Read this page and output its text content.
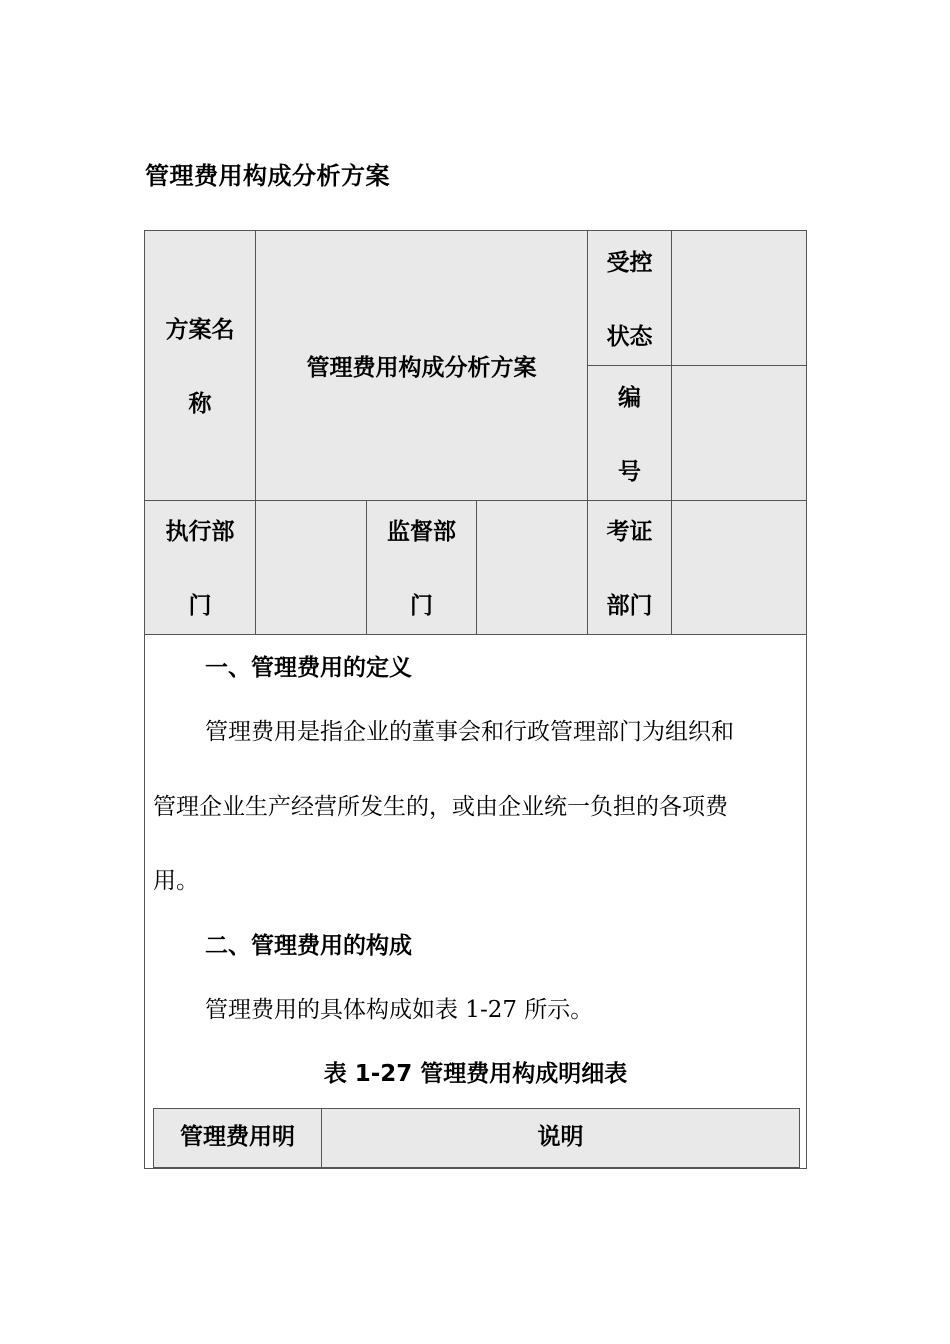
管理费用构成分析方案
方案名
称
管理费用构成分析方案
受控
状态
编
号
执行部
门
监督部
门
考证
部门
一、管理费用的定义
管理费用是指企业的董事会和行政管理部门为组织和
管理企业生产经营所发生的，或由企业统一负担的各项费
用。
二、管理费用的构成
管理费用的具体构成如表 1-27 所示。
表 1-27 管理费用构成明细表
管理费用明	说明
